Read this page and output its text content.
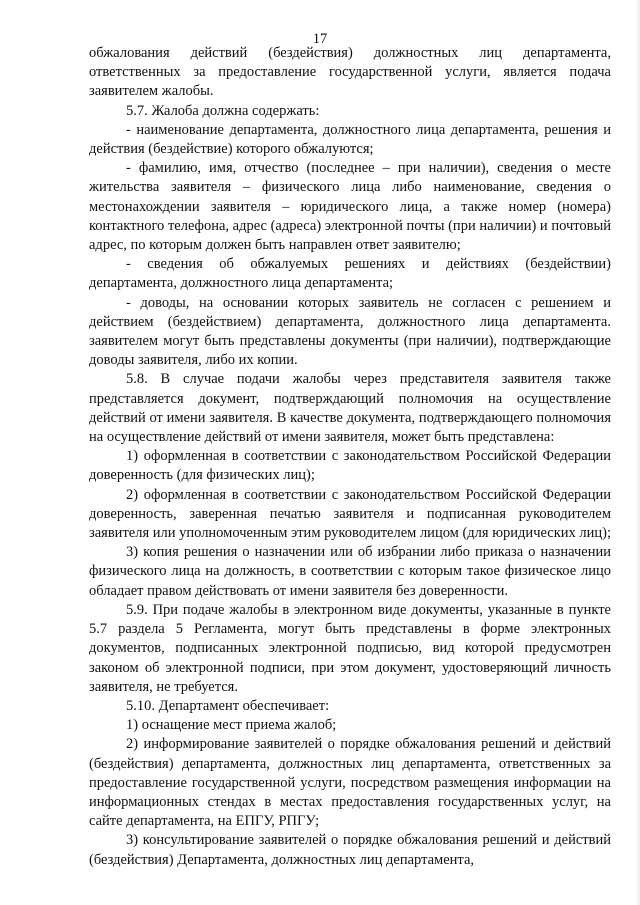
17

обжалования действий (бездействия) должностных лиц департамента, ответственных за предоставление государственной услуги, является подача заявителем жалобы.

5.7. Жалоба должна содержать:

- наименование департамента, должностного лица департамента, решения и действия (бездействие) которого обжалуются;

- фамилию, имя, отчество (последнее – при наличии), сведения о месте жительства заявителя – физического лица либо наименование, сведения о местонахождении заявителя – юридического лица, а также номер (номера) контактного телефона, адрес (адреса) электронной почты (при наличии) и почтовый адрес, по которым должен быть направлен ответ заявителю;

- сведения об обжалуемых решениях и действиях (бездействии) департамента, должностного лица департамента;

- доводы, на основании которых заявитель не согласен с решением и действием (бездействием) департамента, должностного лица департамента. заявителем могут быть представлены документы (при наличии), подтверждающие доводы заявителя, либо их копии.

5.8. В случае подачи жалобы через представителя заявителя также представляется документ, подтверждающий полномочия на осуществление действий от имени заявителя. В качестве документа, подтверждающего полномочия на осуществление действий от имени заявителя, может быть представлена:

1) оформленная в соответствии с законодательством Российской Федерации доверенность (для физических лиц);

2) оформленная в соответствии с законодательством Российской Федерации доверенность, заверенная печатью заявителя и подписанная руководителем заявителя или уполномоченным этим руководителем лицом (для юридических лиц);

3) копия решения о назначении или об избрании либо приказа о назначении физического лица на должность, в соответствии с которым такое физическое лицо обладает правом действовать от имени заявителя без доверенности.

5.9. При подаче жалобы в электронном виде документы, указанные в пункте 5.7 раздела 5 Регламента, могут быть представлены в форме электронных документов, подписанных электронной подписью, вид которой предусмотрен законом об электронной подписи, при этом документ, удостоверяющий личность заявителя, не требуется.

5.10. Департамент обеспечивает:

1) оснащение мест приема жалоб;

2) информирование заявителей о порядке обжалования решений и действий (бездействия) департамента, должностных лиц департамента, ответственных за предоставление государственной услуги, посредством размещения информации на информационных стендах в местах предоставления государственных услуг, на сайте департамента, на ЕПГУ, РПГУ;

3) консультирование заявителей о порядке обжалования решений и действий (бездействия) Департамента, должностных лиц департамента,
